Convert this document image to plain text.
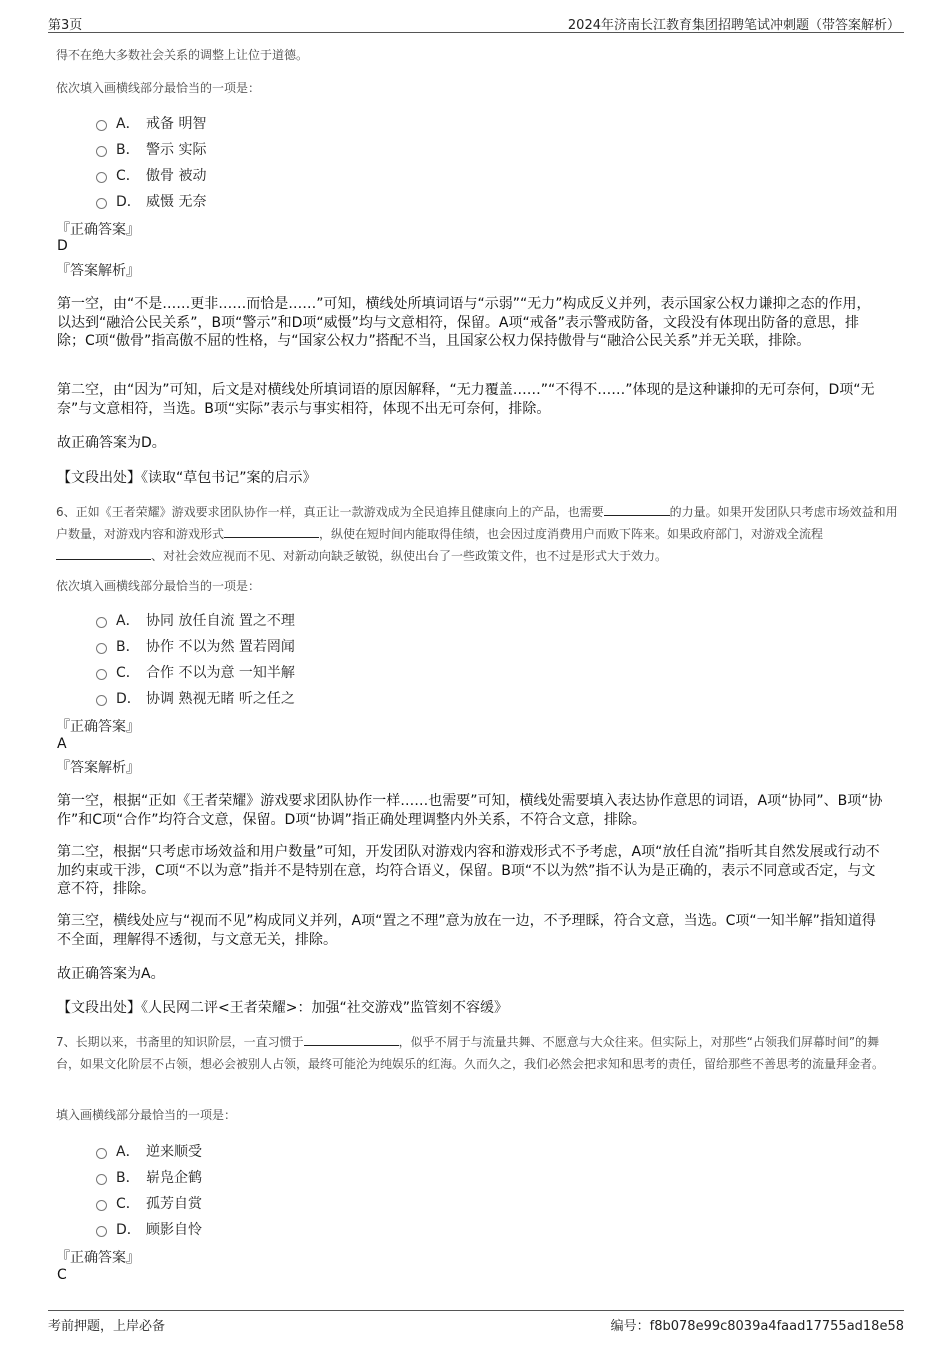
第3页	2024年济南长江教育集团招聘笔试冲刺题（带答案解析）
得不在绝大多数社会关系的调整上让位于道德。
依次填入画横线部分最恰当的一项是：
A． 戒备 明智
B． 警示 实际
C． 傲骨 被动
D． 威慑 无奈
『正确答案』
D
『答案解析』
第一空，由“不是……更非……而恰是……”可知，横线处所填词语与“示弱”“无力”构成反义并列，表示国家公权力谦抑之态的作用，以达到“融洽公民关系”，B项“警示”和D项“威慑”均与文意相符，保留。A项“戒备”表示警戒防备，文段没有体现出防备的意思，排除；C项“傲骨”指高傲不屈的性格，与“国家公权力”搭配不当，且国家公权力保持傲骨与“融洽公民关系”并无关联，排除。
第二空，由“因为”可知，后文是对横线处所填词语的原因解释，“无力覆盖……”“不得不……”体现的是这种谦抑的无可奈何，D项“无奈”与文意相符，当选。B项“实际”表示与事实相符，体现不出无可奈何，排除。
故正确答案为D。
【文段出处】《读取“草包书记”案的启示》
6、正如《王者荣耀》游戏要求团队协作一样，真正让一款游戏成为全民追捧且健康向上的产品，也需要	的力量。如果开发团队只考虑市场效益和用户数量，对游戏内容和游戏形式	，纵使在短时间内能取得佳绩，也会因过度消费用户而败下阵来。如果政府部门，对游戏全流程、对社会效应视而不见、对新动向缺乏敏锐，纵使出台了一些政策文件，也不过是形式大于效力。
依次填入画横线部分最恰当的一项是：
A． 协同 放任自流 置之不理
B． 协作 不以为然 置若罔闻
C． 合作 不以为意 一知半解
D． 协调 熟视无睹 听之任之
『正确答案』
A
『答案解析』
第一空，根据“正如《王者荣耀》游戏要求团队协作一样……也需要”可知，横线处需要填入表达协作意思的词语，A项“协同”、B项“协作”和C项“合作”均符合文意，保留。D项“协调”指正确处理调整内外关系，不符合文意，排除。
第二空，根据“只考虑市场效益和用户数量”可知，开发团队对游戏内容和游戏形式不予考虑，A项“放任自流”指听其自然发展或行动不加约束或干涉，C项“不以为意”指并不是特别在意，均符合语义，保留。B项“不以为然”指不认为是正确的，表示不同意或否定，与文意不符，排除。
第三空，横线处应与“视而不见”构成同义并列，A项“置之不理”意为放在一边，不予理睬，符合文意，当选。C项“一知半解”指知道得不全面，理解得不透彻，与文意无关，排除。
故正确答案为A。
【文段出处】《人民网二评<王者荣耀>：加强“社交游戏”监管刻不容缓》
7、长期以来，书斋里的知识阶层，一直习惯于	，似乎不屑于与流量共舞、不愿意与大众往来。但实际上，对那些“占领我们屏幕时间”的舞台，如果文化阶层不占领，想必会被别人占领，最终可能沦为纯娱乐的红海。久而久之，我们必然会把求知和思考的责任，留给那些不善思考的流量拜金者。
填入画横线部分最恰当的一项是：
A． 逆来顺受
B． 崭凫企鹤
C． 孤芳自赏
D． 顾影自怜
『正确答案』
C
考前押题，上岸必备	编号：f8b078e99c8039a4faad17755ad18e58
